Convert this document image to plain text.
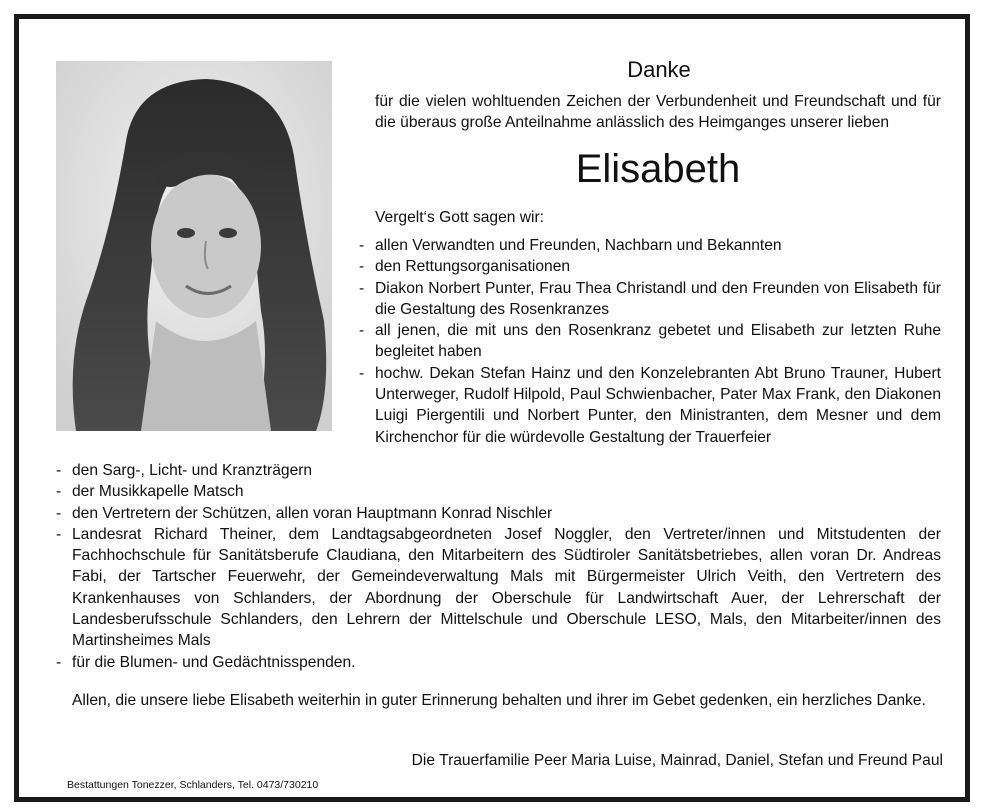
Danke
für die vielen wohltuenden Zeichen der Verbundenheit und Freundschaft und für die überaus große Anteilnahme anlässlich des Heimganges unserer lieben
Elisabeth
Vergelt‘s Gott sagen wir:
- allen Verwandten und Freunden, Nachbarn und Bekannten
- den Rettungsorganisationen
- Diakon Norbert Punter, Frau Thea Christandl und den Freunden von Elisabeth für die Gestaltung des Rosenkranzes
- all jenen, die mit uns den Rosenkranz gebetet und Elisabeth zur letzten Ruhe begleitet haben
- hochw. Dekan Stefan Hainz und den Konzelebranten Abt Bruno Trauner, Hubert Unterweger, Rudolf Hilpold, Paul Schwienbacher, Pater Max Frank, den Diakonen Luigi Piergentili und Norbert Punter, den Ministranten, dem Mesner und dem Kirchenchor für die würdevolle Gestaltung der Trauerfeier
- den Sarg-, Licht- und Kranzträgern
- der Musikkapelle Matsch
- den Vertretern der Schützen, allen voran Hauptmann Konrad Nischler
- Landesrat Richard Theiner, dem Landtagsabgeordneten Josef Noggler, den Vertreter/innen und Mitstudenten der Fachhochschule für Sanitätsberufe Claudiana, den Mitarbeitern des Südtiroler Sanitätsbetriebes, allen voran Dr. Andreas Fabi, der Tartscher Feuerwehr, der Gemeindeverwaltung Mals mit Bürgermeister Ulrich Veith, den Vertretern des Krankenhauses von Schlanders, der Abordnung der Oberschule für Landwirtschaft Auer, der Lehrerschaft der Landesberufsschule Schlanders, den Lehrern der Mittelschule und Oberschule LESO, Mals, den Mitarbeiter/innen des Martinsheimes Mals
- für die Blumen- und Gedächtnisspenden.
Allen, die unsere liebe Elisabeth weiterhin in guter Erinnerung behalten und ihrer im Gebet gedenken, ein herzliches Danke.
Die Trauerfamilie Peer Maria Luise, Mainrad, Daniel, Stefan und Freund Paul
Bestattungen Tonezzer, Schlanders, Tel. 0473/730210
